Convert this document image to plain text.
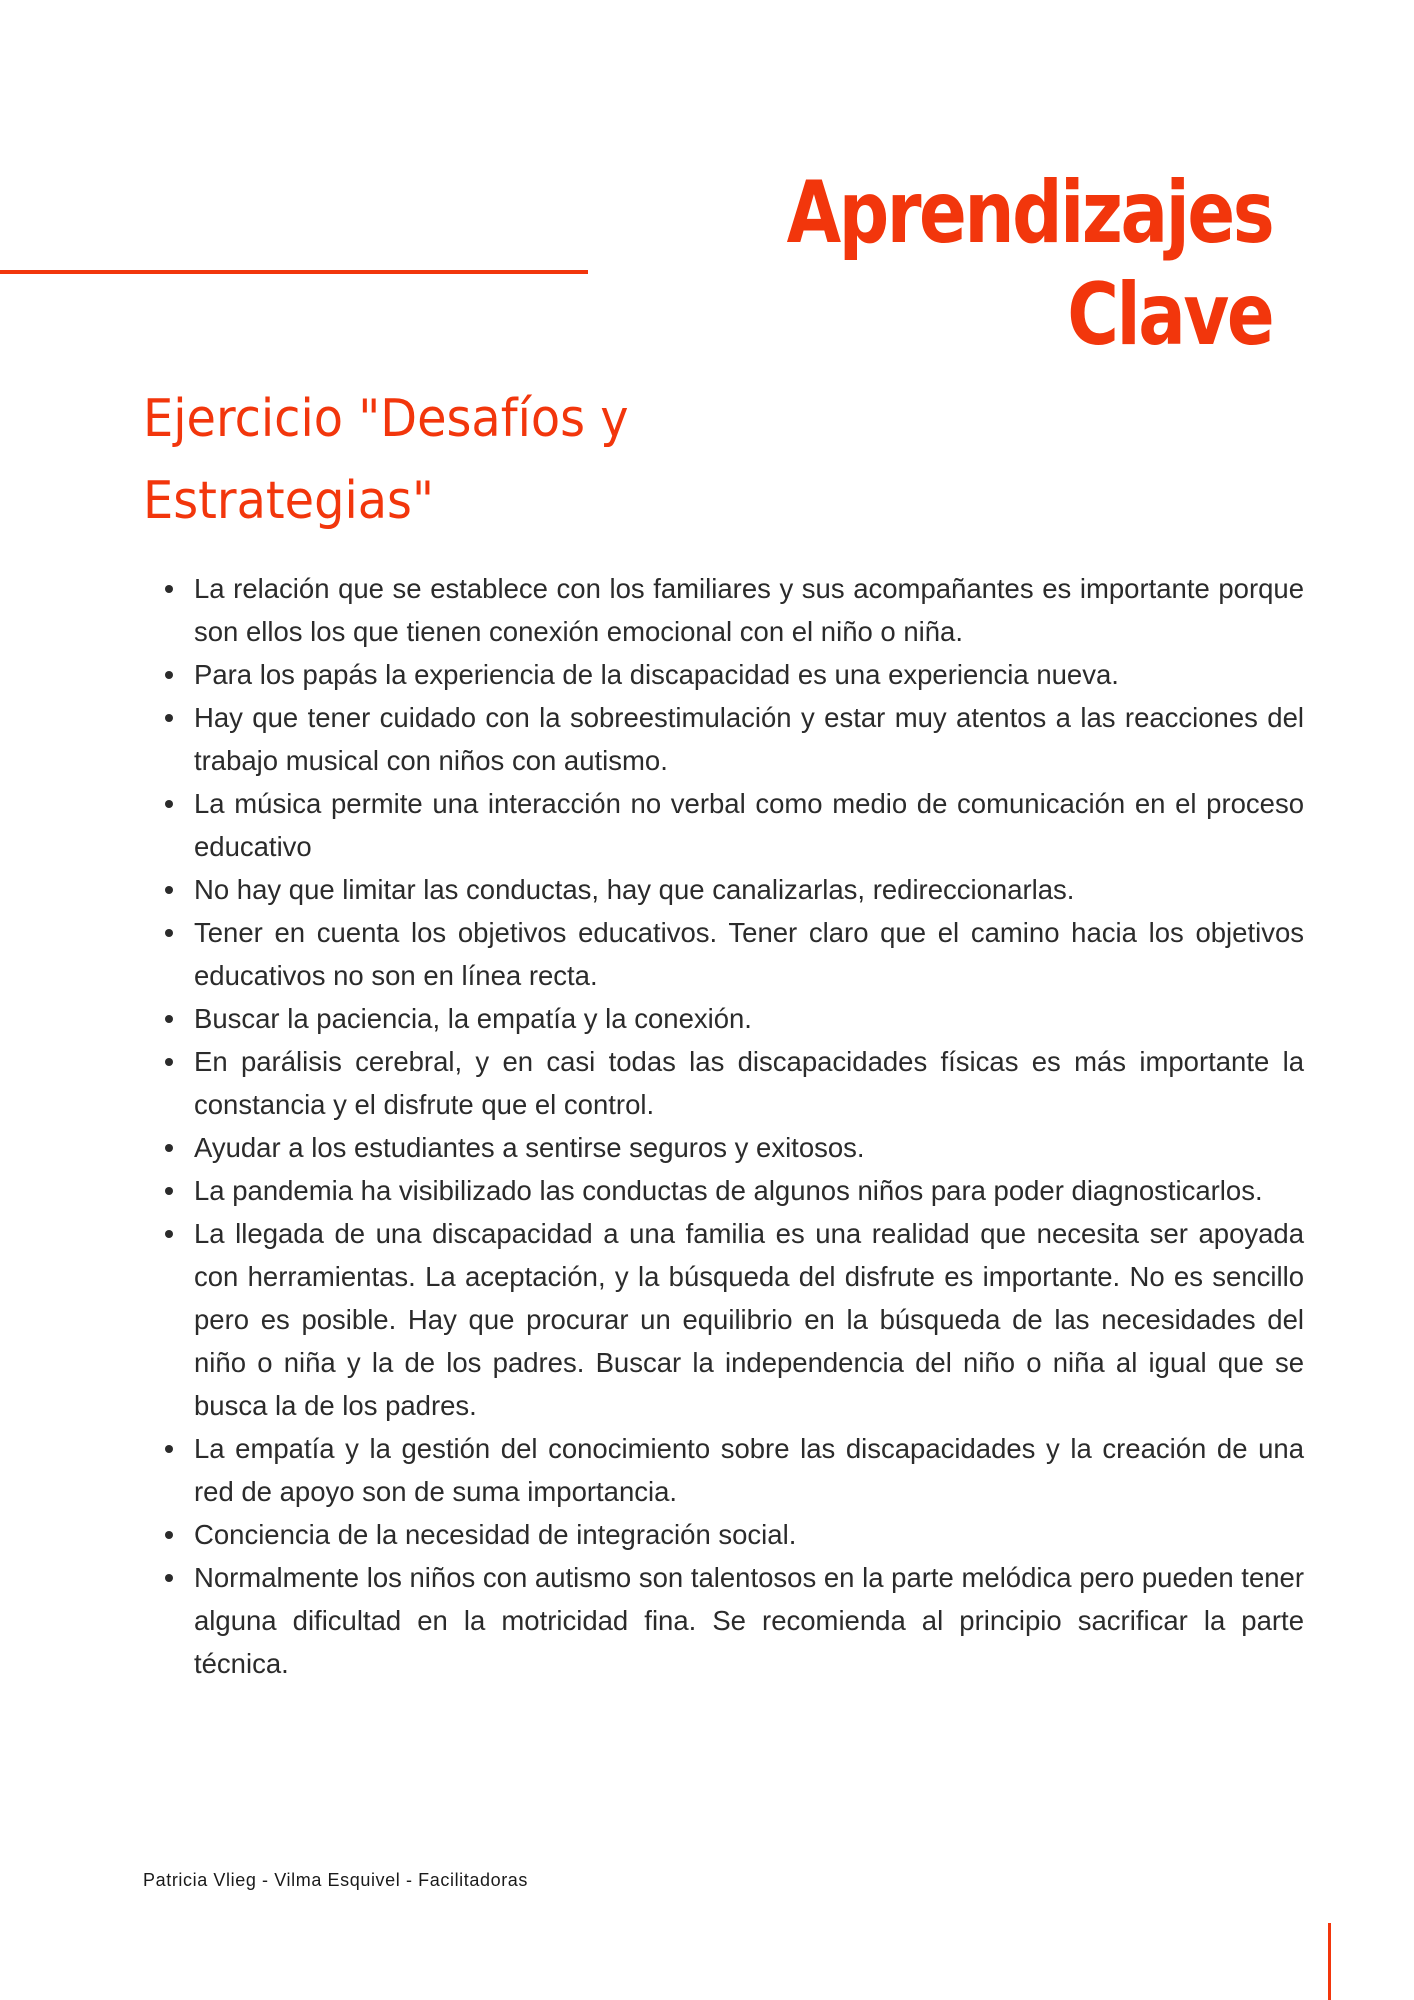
Aprendizajes
Clave
Ejercicio "Desafíos y
Estrategias"
La relación que se establece con los familiares y sus acompañantes es importante porque son ellos los que tienen conexión emocional con el niño o niña.
Para los papás la experiencia de la discapacidad es una experiencia nueva.
Hay que tener cuidado con la sobreestimulación y estar muy atentos a las reacciones del trabajo musical con niños con autismo.
La música permite una interacción no verbal como medio de comunicación en el proceso educativo
No hay que limitar las conductas, hay que canalizarlas, redireccionarlas.
Tener en cuenta los objetivos educativos. Tener claro que el camino hacia los objetivos educativos no son en línea recta.
Buscar la paciencia, la empatía y la conexión.
En parálisis cerebral, y en casi todas las discapacidades físicas es más importante la constancia y el disfrute que el control.
Ayudar a los estudiantes a sentirse seguros y exitosos.
La pandemia ha visibilizado las conductas de algunos niños para poder diagnosticarlos.
La llegada de una discapacidad a una familia es una realidad que necesita ser apoyada con herramientas. La aceptación, y la búsqueda del disfrute es importante. No es sencillo pero es posible. Hay que procurar un equilibrio en la búsqueda de las necesidades del niño o niña y la de los padres. Buscar la independencia del niño o niña al igual que se busca la de los padres.
La empatía y la gestión del conocimiento sobre las discapacidades y la creación de una red de apoyo son de suma importancia.
Conciencia de la necesidad de integración social.
Normalmente los niños con autismo son talentosos en la parte melódica pero pueden tener alguna dificultad en la motricidad fina. Se recomienda al principio sacrificar la parte técnica.
Patricia Vlieg - Vilma Esquivel - Facilitadoras
